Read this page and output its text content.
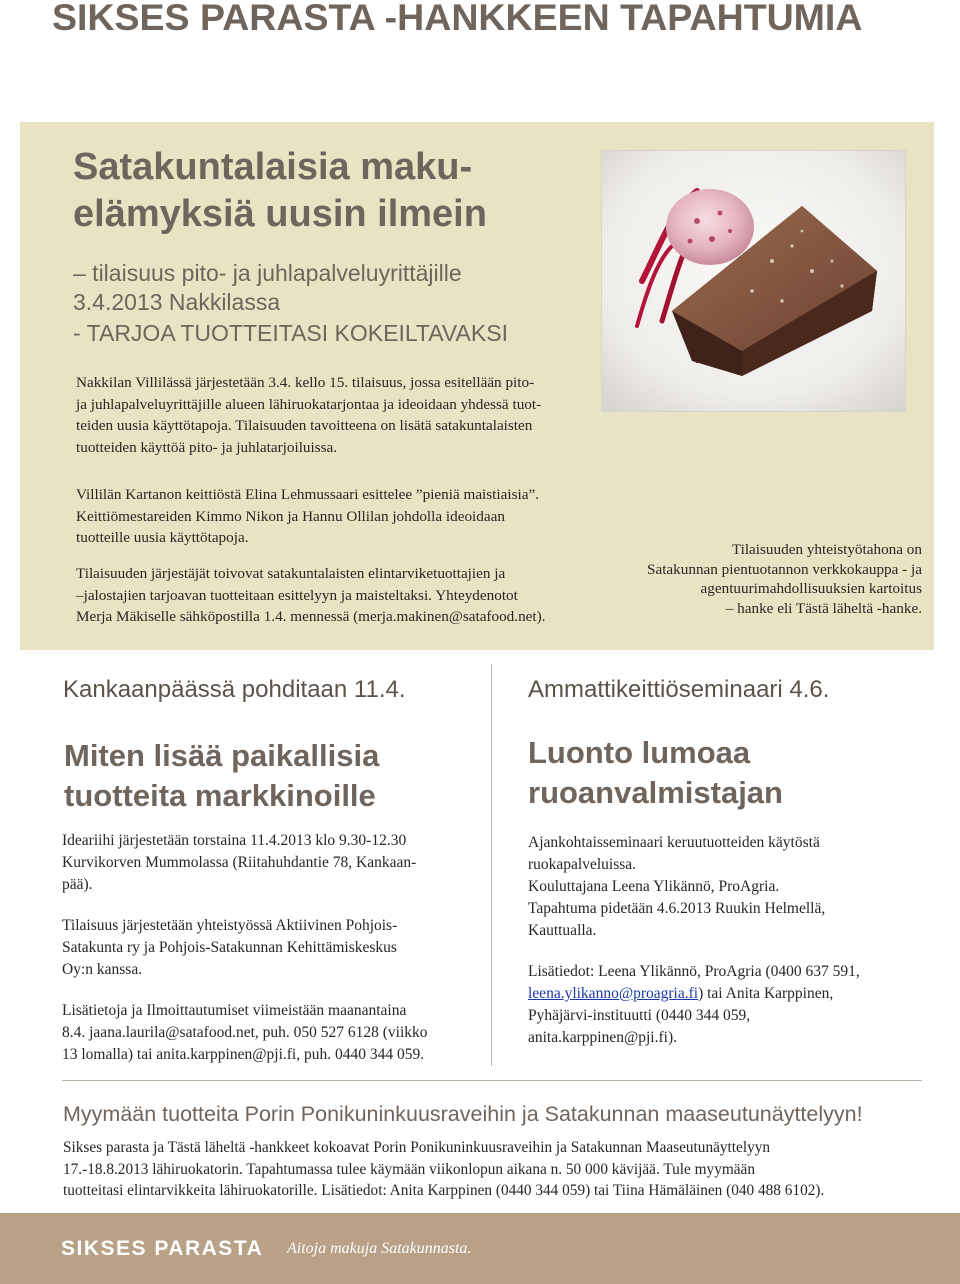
SIKSES PARASTA -HANKKEEN TAPAHTUMIA
Satakuntalaisia maku-
elämyksiä uusin ilmein
– tilaisuus pito- ja juhlapalveluyrittäjille
3.4.2013 Nakkilassa
- TARJOA TUOTTEITASI KOKEILTAVAKSI
Nakkilan Villilässä järjestetään 3.4. kello 15. tilaisuus, jossa esitellään pito-
ja juhlapalveluyrittäjille alueen lähiruokatarjontaa ja ideoidaan yhdessä tuot-
teiden uusia käyttötapoja. Tilaisuuden tavoitteena on lisätä satakuntalaisten
tuotteiden käyttöä pito- ja juhlatarjoiluissa.
Villilän Kartanon keittiöstä Elina Lehmussaari esittelee ”pieniä maistiaisia”.
Keittiömestareiden Kimmo Nikon ja Hannu Ollilan johdolla ideoidaan
tuotteille uusia käyttötapoja.
Tilaisuuden järjestäjät toivovat satakuntalaisten elintarviketuottajien ja
–jalostajien tarjoavan tuotteitaan esittelyyn ja maisteltaksi. Yhteydenotot
Merja Mäkiselle sähköpostilla 1.4. mennessä (merja.makinen@satafood.net).
Tilaisuuden yhteistyötahona on
Satakunnan pientuotannon verkkokauppa - ja
agentuurimahdollisuuksien kartoitus
– hanke eli Tästä läheltä -hanke.
Kankaanpäässä pohditaan 11.4.
Miten lisää paikallisia
tuotteita markkinoille

Ideariihi järjestetään torstaina 11.4.2013 klo 9.30-12.30
Kurvikorven Mummolassa (Riitahuhdantie 78, Kankaan-
pää).

Tilaisuus järjestetään yhteistyössä Aktiivinen Pohjois-
Satakunta ry ja Pohjois-Satakunnan Kehittämiskeskus
Oy:n kanssa.

Lisätietoja ja Ilmoittautumiset viimeistään maanantaina
8.4. jaana.laurila@satafood.net, puh. 050 527 6128 (viikko
13 lomalla) tai anita.karppinen@pji.fi, puh. 0440 344 059.

Ammattikeittiöseminaari 4.6.
Luonto lumoaa
ruoanvalmistajan

Ajankohtaisseminaari keruutuotteiden käytöstä
ruokapalveluissa.
Kouluttajana Leena Ylikännö, ProAgria.
Tapahtuma pidetään 4.6.2013 Ruukin Helmellä,
Kauttualla.

Lisätiedot: Leena Ylikännö, ProAgria (0400 637 591,
leena.ylikanno@proagria.fi) tai Anita Karppinen,
Pyhäjärvi-instituutti (0440 344 059,
anita.karppinen@pji.fi).

Myymään tuotteita Porin Ponikuninkuusraveihin ja Satakunnan maaseutunäyttelyyn!
Sikses parasta ja Tästä läheltä -hankkeet kokoavat Porin Ponikuninkuusraveihin ja Satakunnan Maaseutunäyttelyyn
17.-18.8.2013 lähiruokatorin. Tapahtumassa tulee käymään viikonlopun aikana n. 50 000 kävijää. Tule myymään
tuotteitasi elintarvikkeita lähiruokatorille. Lisätiedot: Anita Karppinen (0440 344 059) tai Tiina Hämäläinen (040 488 6102).
SIKSES PARASTA Aitoja makuja Satakunnasta.
